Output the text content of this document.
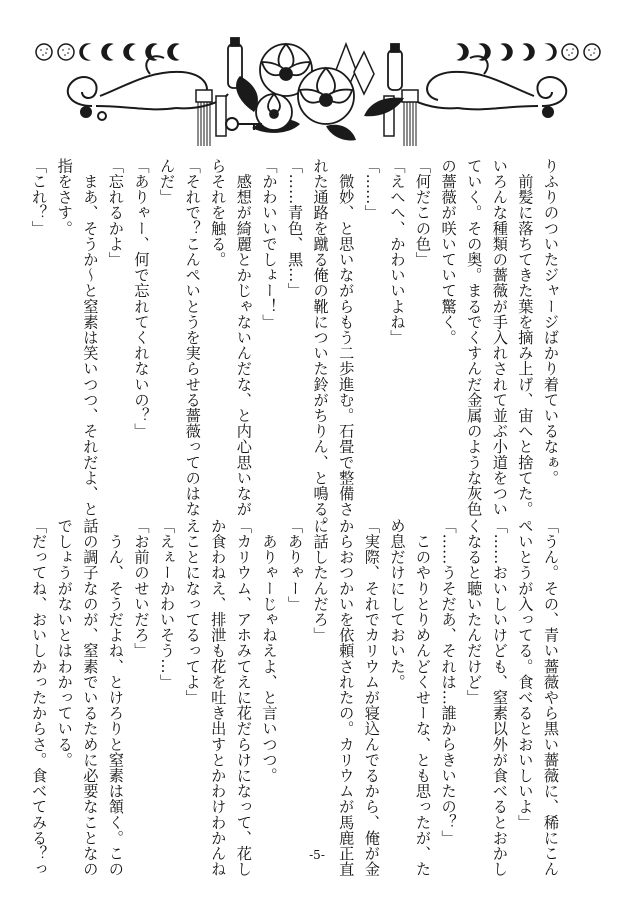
りふりのついたジャージばかり着ているなぁ。
　前髪に落ちてきた葉を摘み上げ、宙へと捨てた。
いろんな種類の薔薇が手入れされて並ぶ小道をつい
ていく。その奥。まるでくすんだ金属のような灰色
の薔薇が咲いていて驚く。
「何だこの色」
「えへへ、かわいいよね」
「……」
　微妙、と思いながらもう二歩進む。石畳で整備さ
れた通路を蹴る俺の靴についた鈴がちりん、と鳴る。
「……青色、黒…」
「かわいいでしょー！」
　感想が綺麗とかじゃないんだな、と内心思いなが
らそれを触る。
「それで？こんぺいとうを実らせる薔薇ってのはな
んだ」
「ありゃー、何で忘れてくれないの？」
「忘れるかよ」
　まあ、そうか〜と窒素は笑いつつ、それだよ、と
指をさす。
「これ？」
「うん。その、青い薔薇やら黒い薔薇に、稀にこん
ぺいとうが入ってる。食べるとおいしいよ」
「……おいしいけども、窒素以外が食べるとおかし
くなると聴いたんだけど」
「……うそだあ、それは…誰からきいたの？」
　このやりとりめんどくせーな、とも思ったが、た
め息だけにしておいた。
「実際、それでカリウムが寝込んでるから、俺が金
からおつかいを依頼されたの。カリウムが馬鹿正直
に話したんだろ」
「ありゃー」
　ありゃーじゃねえよ、と言いつつ。
「カリウム、アホみてえに花だらけになって、花し
か食わねえ、排泄も花を吐き出すとかわけわかんね
えことになってるってよ」
「えぇーかわいそう…」
「お前のせいだろ」
　うん、そうだよね、とけろりと窒素は頷く。この
話の調子なのが、窒素でいるために必要なことなの
でしょうがないとはわかっている。
「だってね、おいしかったからさ。食べてみる？っ	-5-
